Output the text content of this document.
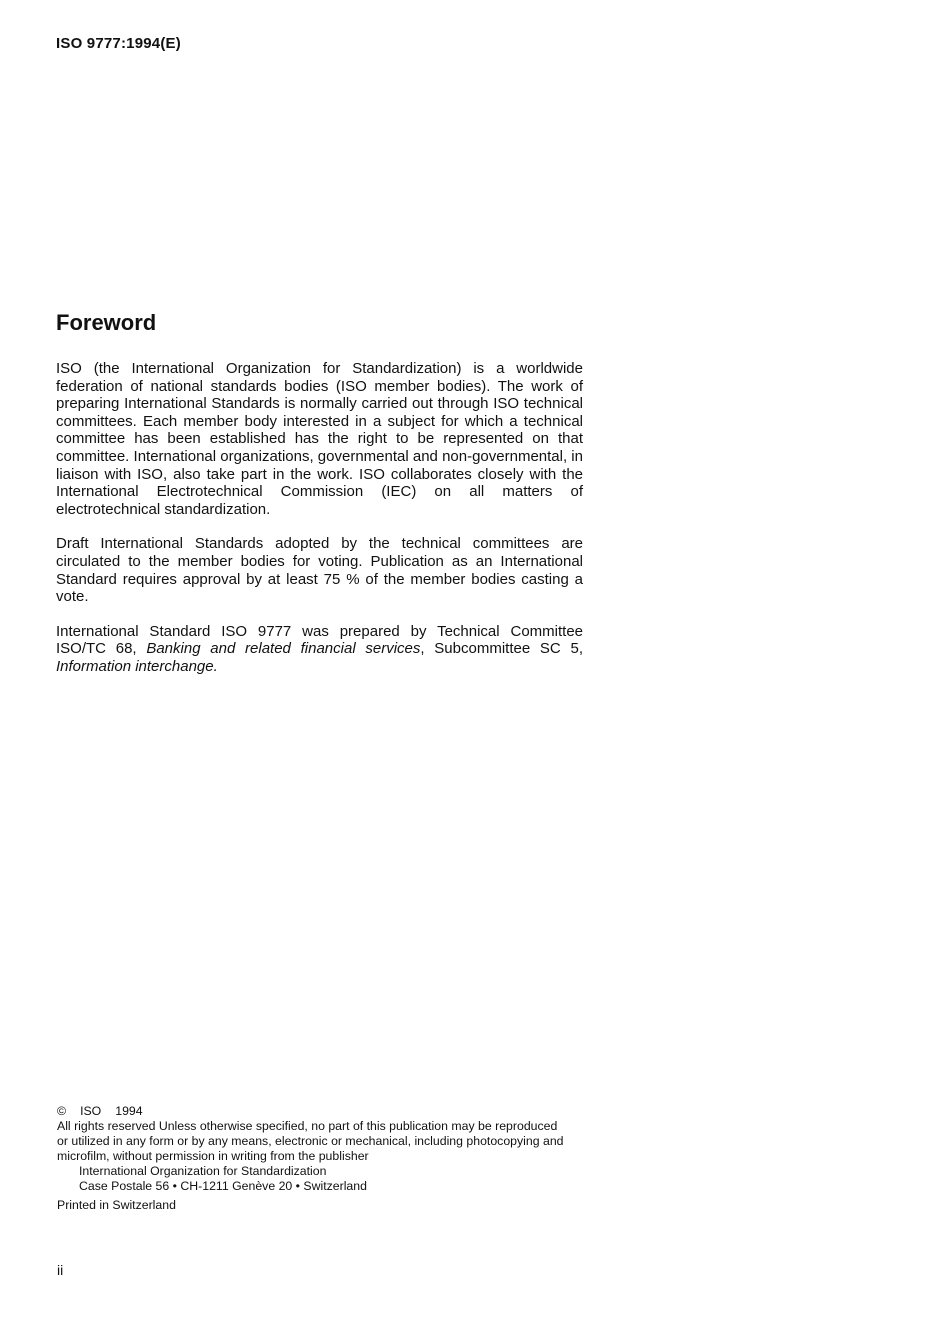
ISO 9777:1994(E)
Foreword

ISO (the International Organization for Standardization) is a worldwide federation of national standards bodies (ISO member bodies). The work of preparing International Standards is normally carried out through ISO technical committees. Each member body interested in a subject for which a technical committee has been established has the right to be represented on that committee. International organizations, governmental and non-governmental, in liaison with ISO, also take part in the work. ISO collaborates closely with the International Electrotechnical Commission (IEC) on all matters of electrotechnical standardization.

Draft International Standards adopted by the technical committees are circulated to the member bodies for voting. Publication as an International Standard requires approval by at least 75 % of the member bodies casting a vote.

International Standard ISO 9777 was prepared by Technical Committee ISO/TC 68, Banking and related financial services, Subcommittee SC 5, Information interchange.

© ISO 1994
All rights reserved Unless otherwise specified, no part of this publication may be reproduced
or utilized in any form or by any means, electronic or mechanical, including photocopying and
microfilm, without permission in writing from the publisher
International Organization for Standardization
Case Postale 56 • CH-1211 Genève 20 • Switzerland
Printed in Switzerland
ii
